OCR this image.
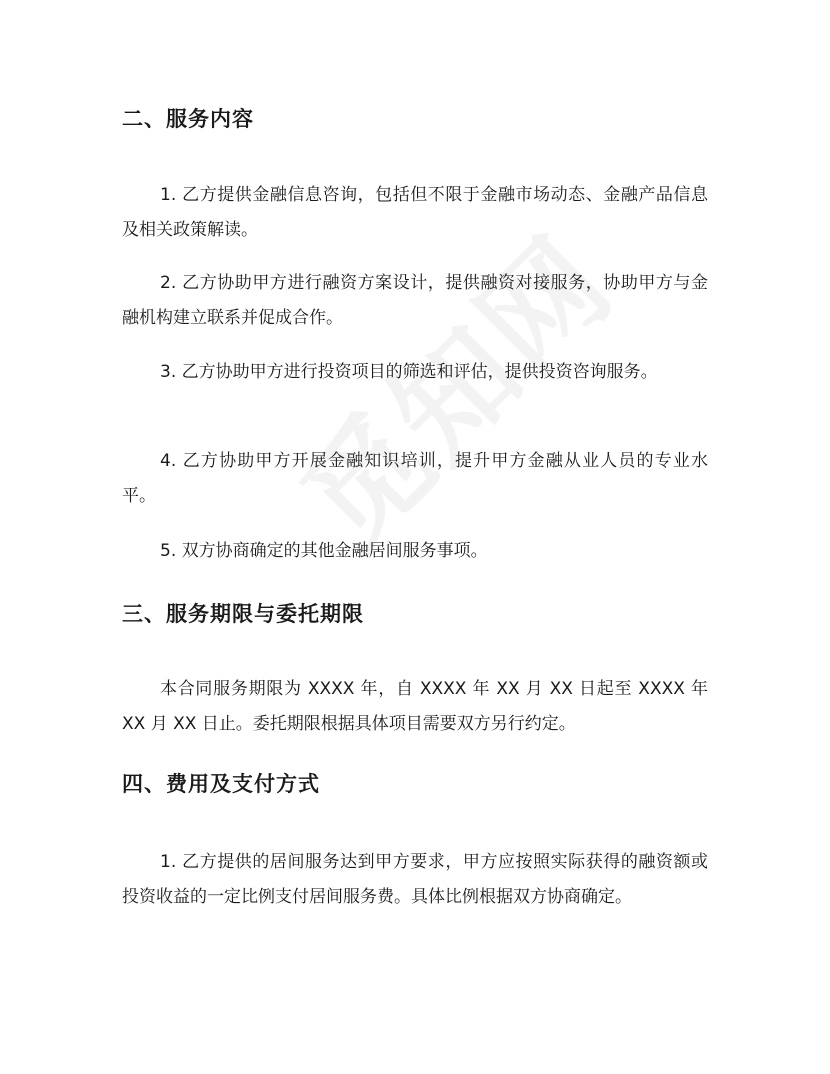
二、服务内容

1. 乙方提供金融信息咨询，包括但不限于金融市场动态、金融产品信息及相关政策解读。

2. 乙方协助甲方进行融资方案设计，提供融资对接服务，协助甲方与金融机构建立联系并促成合作。

3. 乙方协助甲方进行投资项目的筛选和评估，提供投资咨询服务。

4. 乙方协助甲方开展金融知识培训，提升甲方金融从业人员的专业水平。

5. 双方协商确定的其他金融居间服务事项。

三、服务期限与委托期限

本合同服务期限为 XXXX 年，自 XXXX 年 XX 月 XX 日起至 XXXX 年 XX 月 XX 日止。委托期限根据具体项目需要双方另行约定。

四、费用及支付方式

1. 乙方提供的居间服务达到甲方要求，甲方应按照实际获得的融资额或投资收益的一定比例支付居间服务费。具体比例根据双方协商确定。
